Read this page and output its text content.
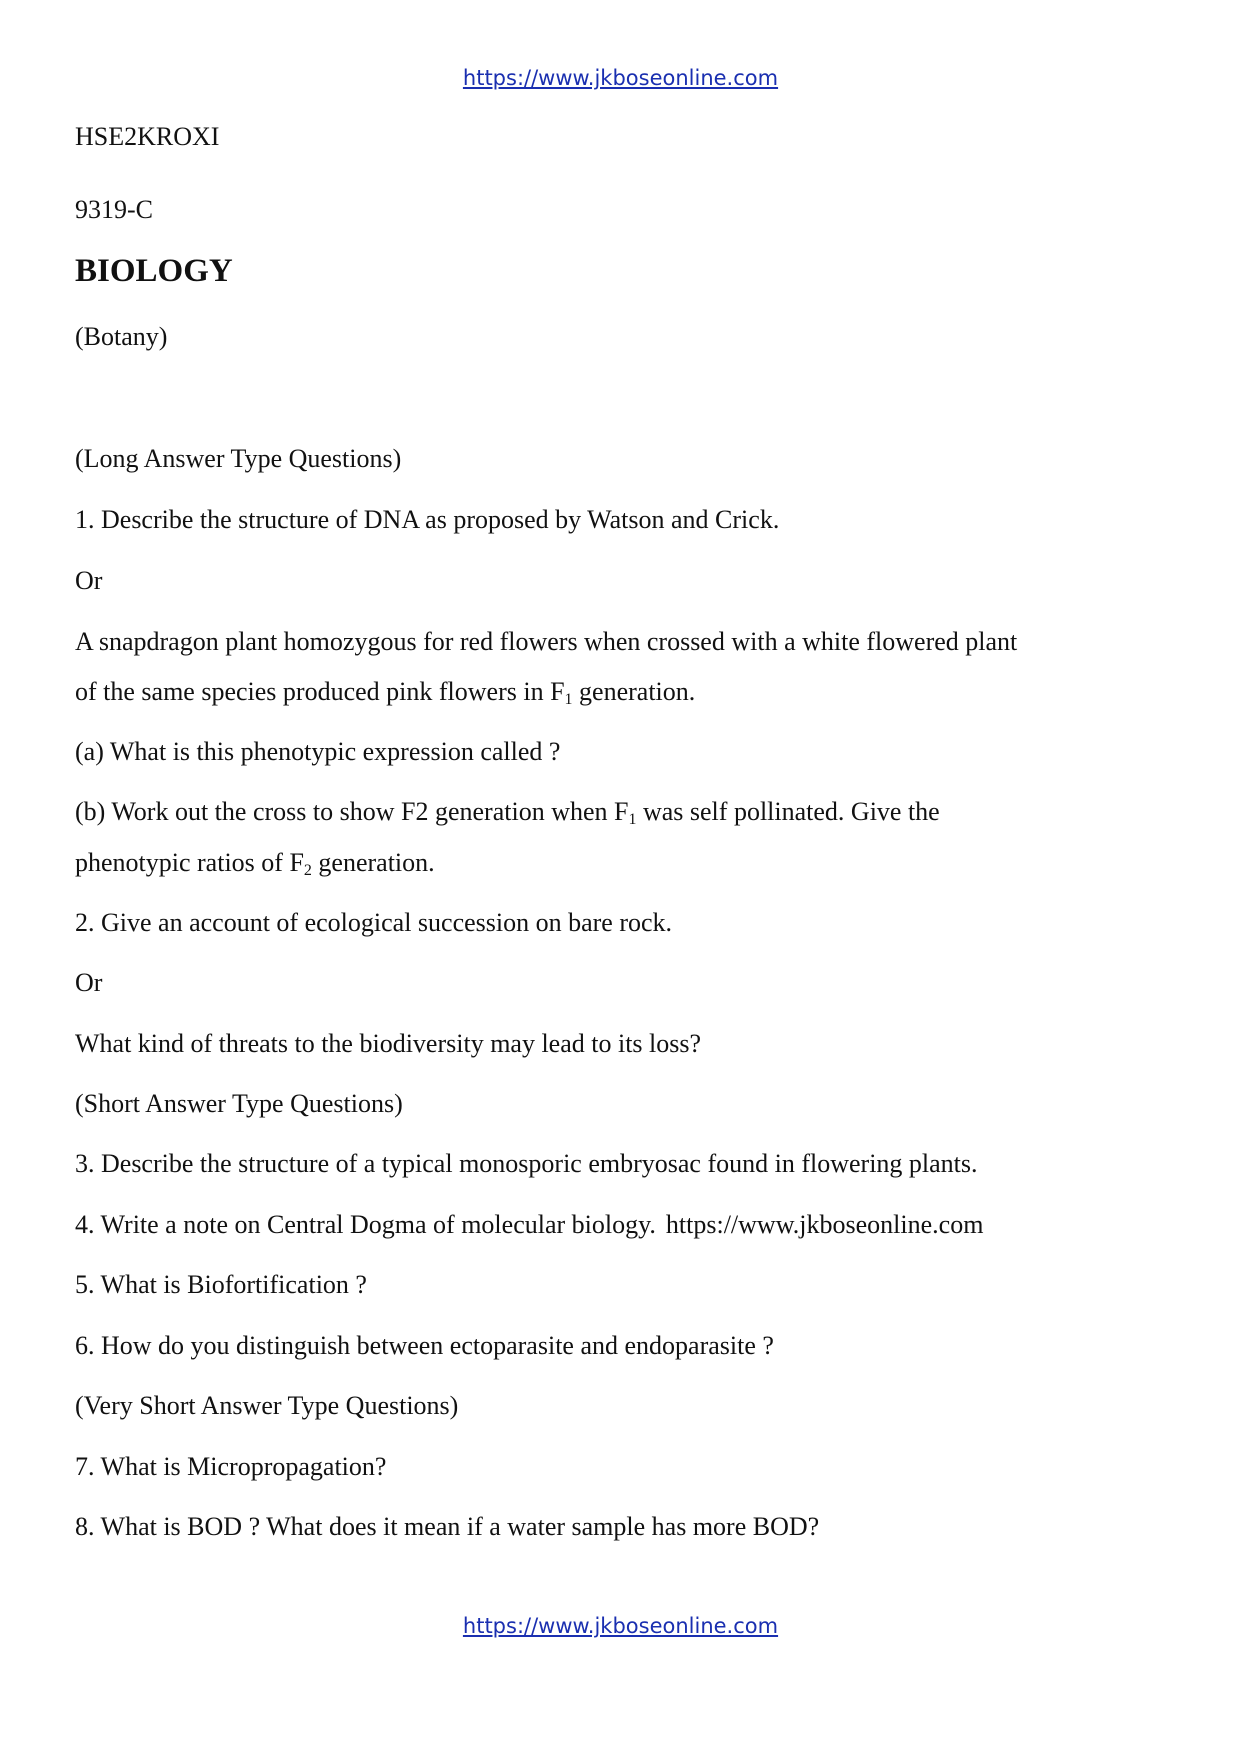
https://www.jkboseonline.com
HSE2KROXI
9319-C
BIOLOGY
(Botany)
(Long Answer Type Questions)
1. Describe the structure of DNA as proposed by Watson and Crick.
Or
A snapdragon plant homozygous for red flowers when crossed with a white flowered plant
of the same species produced pink flowers in $F_1$ generation.
(a) What is this phenotypic expression called ?
(b) Work out the cross to show F2 generation when $F_1$ was self pollinated. Give the
phenotypic ratios of $F_2$ generation.
2. Give an account of ecological succession on bare rock.
Or
What kind of threats to the biodiversity may lead to its loss?
(Short Answer Type Questions)
3. Describe the structure of a typical monosporic embryosac found in flowering plants.
4. Write a note on Central Dogma of molecular biology. https://www.jkboseonline.com
5. What is Biofortification ?
6. How do you distinguish between ectoparasite and endoparasite ?
(Very Short Answer Type Questions)
7. What is Micropropagation?
8. What is BOD ? What does it mean if a water sample has more BOD?
https://www.jkboseonline.com
